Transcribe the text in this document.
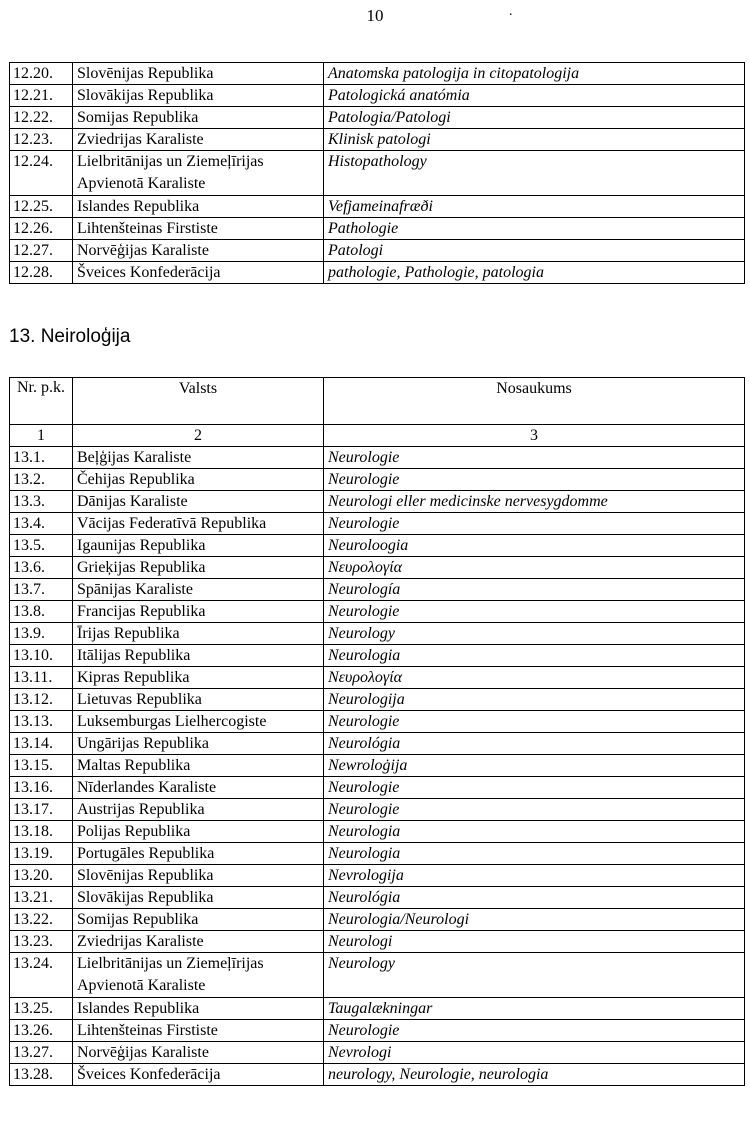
10	.
12.20.	Slovēnijas Republika	Anatomska patologija in citopatologija
12.21.	Slovākijas Republika	Patologická anatómia
12.22.	Somijas Republika	Patologia/Patologi
12.23.	Zviedrijas Karaliste	Klinisk patologi
12.24.	Lielbritānijas un Ziemeļīrijas Apvienotā Karaliste	Histopathology
12.25.	Islandes Republika	Vefjameinafræði
12.26.	Lihtenšteinas Firstiste	Pathologie
12.27.	Norvēģijas Karaliste	Patologi
12.28.	Šveices Konfederācija	pathologie, Pathologie, patologia
13. Neiroloģija
Nr. p.k.	Valsts	Nosaukums
1	2	3
13.1.	Beļģijas Karaliste	Neurologie
13.2.	Čehijas Republika	Neurologie
13.3.	Dānijas Karaliste	Neurologi eller medicinske nervesygdomme
13.4.	Vācijas Federatīvā Republika	Neurologie
13.5.	Igaunijas Republika	Neuroloogia
13.6.	Grieķijas Republika	Νευρολογία
13.7.	Spānijas Karaliste	Neurología
13.8.	Francijas Republika	Neurologie
13.9.	Īrijas Republika	Neurology
13.10.	Itālijas Republika	Neurologia
13.11.	Kipras Republika	Νευρολογία
13.12.	Lietuvas Republika	Neurologija
13.13.	Luksemburgas Lielhercogiste	Neurologie
13.14.	Ungārijas Republika	Neurológia
13.15.	Maltas Republika	Newroloġija
13.16.	Nīderlandes Karaliste	Neurologie
13.17.	Austrijas Republika	Neurologie
13.18.	Polijas Republika	Neurologia
13.19.	Portugāles Republika	Neurologia
13.20.	Slovēnijas Republika	Nevrologija
13.21.	Slovākijas Republika	Neurológia
13.22.	Somijas Republika	Neurologia/Neurologi
13.23.	Zviedrijas Karaliste	Neurologi
13.24.	Lielbritānijas un Ziemeļīrijas Apvienotā Karaliste	Neurology
13.25.	Islandes Republika	Taugalækningar
13.26.	Lihtenšteinas Firstiste	Neurologie
13.27.	Norvēģijas Karaliste	Nevrologi
13.28.	Šveices Konfederācija	neurology, Neurologie, neurologia
